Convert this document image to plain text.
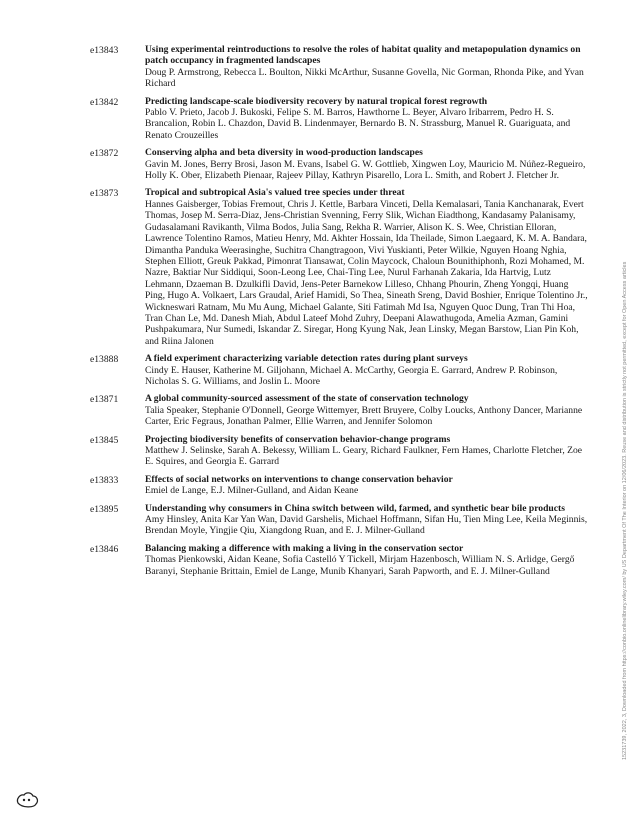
e13843	Using experimental reintroductions to resolve the roles of habitat quality and metapopulation dynamics on patch occupancy in fragmented landscapes
Doug P. Armstrong, Rebecca L. Boulton, Nikki McArthur, Susanne Govella, Nic Gorman, Rhonda Pike, and Yvan Richard
e13842	Predicting landscape-scale biodiversity recovery by natural tropical forest regrowth
Pablo V. Prieto, Jacob J. Bukoski, Felipe S. M. Barros, Hawthorne L. Beyer, Alvaro Iribarrem, Pedro H. S. Brancalion, Robin L. Chazdon, David B. Lindenmayer, Bernardo B. N. Strassburg, Manuel R. Guariguata, and Renato Crouzeilles
e13872	Conserving alpha and beta diversity in wood-production landscapes
Gavin M. Jones, Berry Brosi, Jason M. Evans, Isabel G. W. Gottlieb, Xingwen Loy, Mauricio M. Núñez-Regueiro, Holly K. Ober, Elizabeth Pienaar, Rajeev Pillay, Kathryn Pisarello, Lora L. Smith, and Robert J. Fletcher Jr.
e13873	Tropical and subtropical Asia's valued tree species under threat
Hannes Gaisberger, Tobias Fremout, Chris J. Kettle, Barbara Vinceti, Della Kemalasari, Tania Kanchanarak, Evert Thomas, Josep M. Serra-Diaz, Jens-Christian Svenning, Ferry Slik, Wichan Eiadthong, Kandasamy Palanisamy, Gudasalamani Ravikanth, Vilma Bodos, Julia Sang, Rekha R. Warrier, Alison K. S. Wee, Christian Elloran, Lawrence Tolentino Ramos, Matieu Henry, Md. Akhter Hossain, Ida Theilade, Simon Laegaard, K. M. A. Bandara, Dimantha Panduka Weerasinghe, Suchitra Changtragoon, Vivi Yuskianti, Peter Wilkie, Nguyen Hoang Nghia, Stephen Elliott, Greuk Pakkad, Pimonrat Tiansawat, Colin Maycock, Chaloun Bounithiphonh, Rozi Mohamed, M. Nazre, Baktiar Nur Siddiqui, Soon-Leong Lee, Chai-Ting Lee, Nurul Farhanah Zakaria, Ida Hartvig, Lutz Lehmann, Dzaeman B. Dzulkifli David, Jens-Peter Barnekow Lilleso, Chhang Phourin, Zheng Yongqi, Huang Ping, Hugo A. Volkaert, Lars Graudal, Arief Hamidi, So Thea, Sineath Sreng, David Boshier, Enrique Tolentino Jr., Wickneswari Ratnam, Mu Mu Aung, Michael Galante, Siti Fatimah Md Isa, Nguyen Quoc Dung, Tran Thi Hoa, Tran Chan Le, Md. Danesh Miah, Abdul Lateef Mohd Zuhry, Deepani Alawathugoda, Amelia Azman, Gamini Pushpakumara, Nur Sumedi, Iskandar Z. Siregar, Hong Kyung Nak, Jean Linsky, Megan Barstow, Lian Pin Koh, and Riina Jalonen
e13888	A field experiment characterizing variable detection rates during plant surveys
Cindy E. Hauser, Katherine M. Giljohann, Michael A. McCarthy, Georgia E. Garrard, Andrew P. Robinson, Nicholas S. G. Williams, and Joslin L. Moore
e13871	A global community-sourced assessment of the state of conservation technology
Talia Speaker, Stephanie O'Donnell, George Wittemyer, Brett Bruyere, Colby Loucks, Anthony Dancer, Marianne Carter, Eric Fegraus, Jonathan Palmer, Ellie Warren, and Jennifer Solomon
e13845	Projecting biodiversity benefits of conservation behavior-change programs
Matthew J. Selinske, Sarah A. Bekessy, William L. Geary, Richard Faulkner, Fern Hames, Charlotte Fletcher, Zoe E. Squires, and Georgia E. Garrard
e13833	Effects of social networks on interventions to change conservation behavior
Emiel de Lange, E.J. Milner-Gulland, and Aidan Keane
e13895	Understanding why consumers in China switch between wild, farmed, and synthetic bear bile products
Amy Hinsley, Anita Kar Yan Wan, David Garshelis, Michael Hoffmann, Sifan Hu, Tien Ming Lee, Keila Meginnis, Brendan Moyle, Yingjie Qiu, Xiangdong Ruan, and E. J. Milner-Gulland
e13846	Balancing making a difference with making a living in the conservation sector
Thomas Pienkowski, Aidan Keane, Sofia Castelló Y Tickell, Mirjam Hazenbosch, William N. S. Arlidge, Gergő Baranyi, Stephanie Brittain, Emiel de Lange, Munib Khanyari, Sarah Papworth, and E. J. Milner-Gulland	15231739, 2022, 3, Downloaded from https://conbio.onlinelibrary.wiley.com/ by US Department Of The Interior on 12/06/2023. Reuse and distribution is strictly not permitted, except for Open Access articles
